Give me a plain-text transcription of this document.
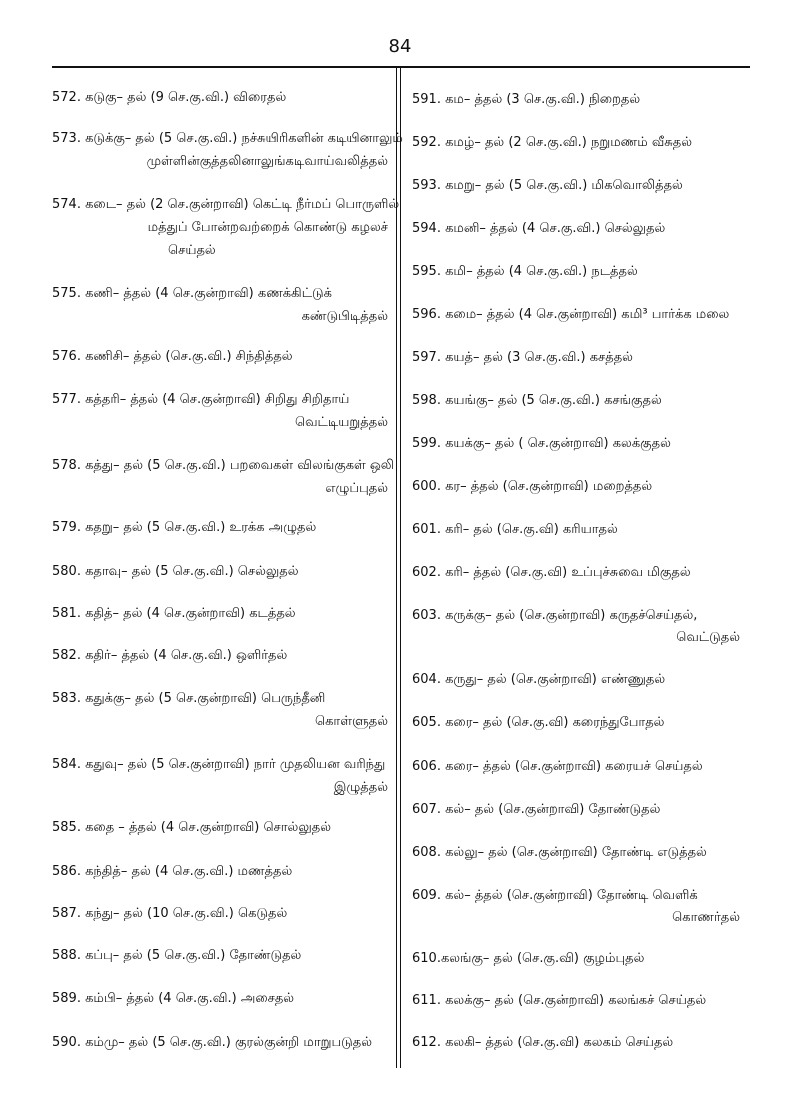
84
572. கடுகு– தல் (9 செ.கு.வி.) விரைதல்
573. கடுக்கு– தல் (5 செ.கு.வி.) நச்சுயிரிகளின் கடியினாலும்
முள்ளின்குத்தலினாலுங்கடிவாய்வலித்தல்
574. கடை– தல் (2 செ.குன்றாவி) கெட்டி நீர்மப் பொருளில்
மத்துப் போன்றவற்றைக் கொண்டு கழலச்
செய்தல்
575. கணி– த்தல் (4 செ.குன்றாவி) கணக்கிட்டுக்
கண்டுபிடித்தல்
576. கணிசி– த்தல் (செ.கு.வி.) சிந்தித்தல்
577. கத்தரி– த்தல் (4 செ.குன்றாவி) சிறிது சிறிதாய்
வெட்டியறுத்தல்
578. கத்து– தல் (5 செ.கு.வி.) பறவைகள் விலங்குகள் ஒலி
எழுப்புதல்
579. கதறு– தல் (5 செ.கு.வி.) உரக்க அழுதல்
580. கதாவு– தல் (5 செ.கு.வி.) செல்லுதல்
581. கதித்– தல் (4 செ.குன்றாவி) கடத்தல்
582. கதிர்– த்தல் (4 செ.கு.வி.) ஒளிர்தல்
583. கதுக்கு– தல் (5 செ.குன்றாவி) பெருந்தீனி
கொள்ளுதல்
584. கதுவு– தல் (5 செ.குன்றாவி) நார் முதலியன வரிந்து
இழுத்தல்
585. கதை – த்தல் (4 செ.குன்றாவி) சொல்லுதல்
586. கந்தித்– தல் (4 செ.கு.வி.) மணத்தல்
587. கந்து– தல் (10 செ.கு.வி.) கெடுதல்
588. கப்பு– தல் (5 செ.கு.வி.) தோண்டுதல்
589. கம்பி– த்தல் (4 செ.கு.வி.) அசைதல்
590. கம்மு– தல் (5 செ.கு.வி.) குரல்குன்றி மாறுபடுதல்
591. கம– த்தல் (3 செ.கு.வி.) நிறைதல்
592. கமழ்– தல் (2 செ.கு.வி.) நறுமணம் வீசுதல்
593. கமறு– தல் (5 செ.கு.வி.) மிகவொலித்தல்
594. கமனி– த்தல் (4 செ.கு.வி.) செல்லுதல்
595. கமி– த்தல் (4 செ.கு.வி.) நடத்தல்
596. கமை– த்தல் (4 செ.குன்றாவி) கமி³ பார்க்க மலை
597. கயத்– தல் (3 செ.கு.வி.) கசத்தல்
598. கயங்கு– தல் (5 செ.கு.வி.) கசங்குதல்
599. கயக்கு– தல் ( செ.குன்றாவி) கலக்குதல்
600. கர– த்தல் (செ.குன்றாவி) மறைத்தல்
601. கரி– தல் (செ.கு.வி) கரியாதல்
602. கரி– த்தல் (செ.கு.வி) உப்புச்சுவை மிகுதல்
603. கருக்கு– தல் (செ.குன்றாவி) கருதச்செய்தல்,
வெட்டுதல்
604. கருது– தல் (செ.குன்றாவி) எண்ணுதல்
605. கரை– தல் (செ.கு.வி) கரைந்துபோதல்
606. கரை– த்தல் (செ.குன்றாவி) கரையச் செய்தல்
607. கல்– தல் (செ.குன்றாவி) தோண்டுதல்
608. கல்லு– தல் (செ.குன்றாவி) தோண்டி எடுத்தல்
609. கல்– த்தல் (செ.குன்றாவி) தோண்டி வெளிக்
கொணர்தல்
610.கலங்கு– தல் (செ.கு.வி) குழம்புதல்
611. கலக்கு– தல் (செ.குன்றாவி) கலங்கச் செய்தல்
612. கலகி– த்தல் (செ.கு.வி) கலகம் செய்தல்
